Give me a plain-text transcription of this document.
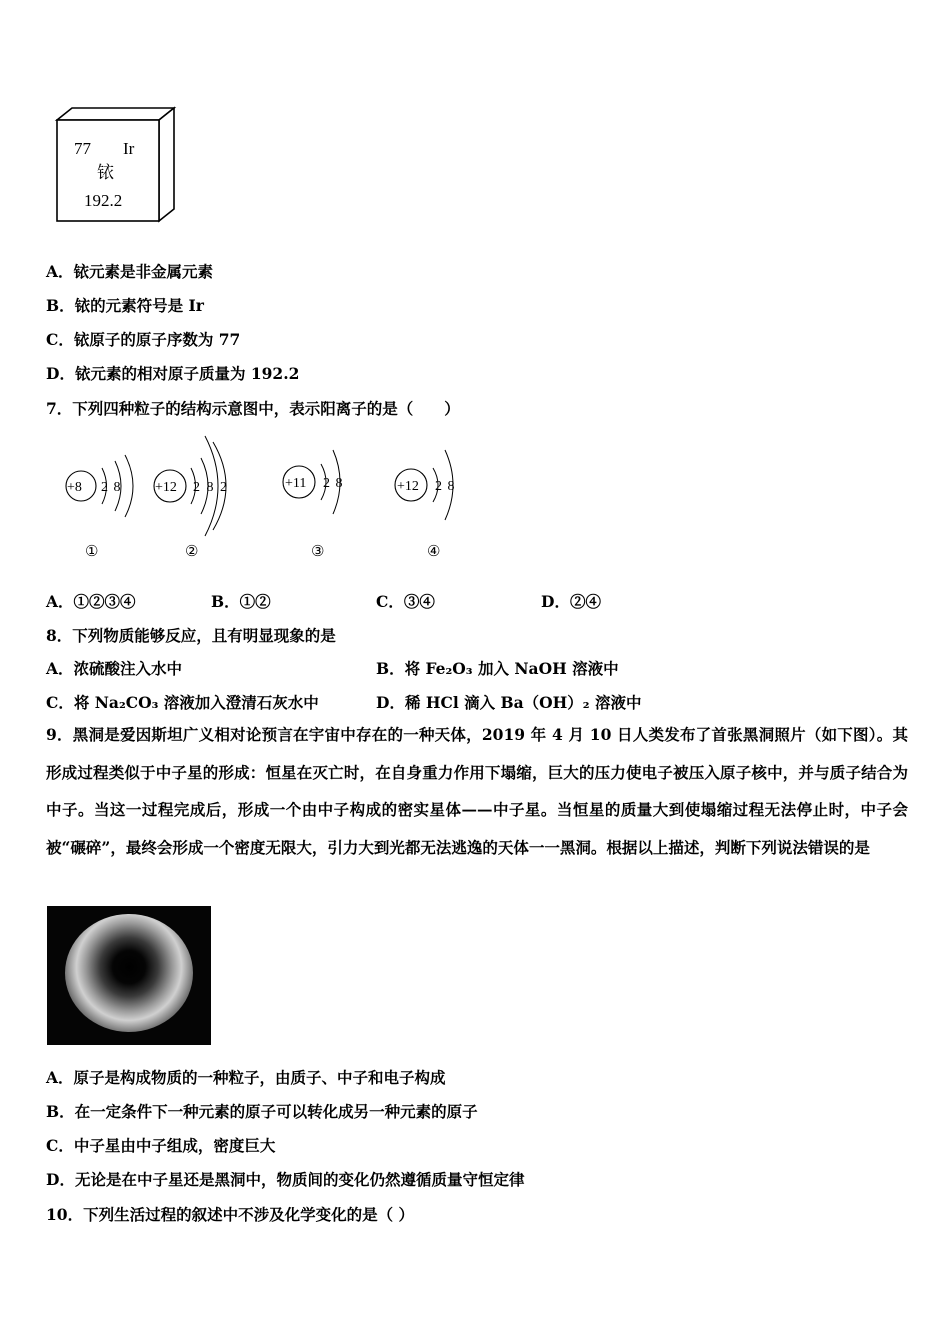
77 Ir
铱
192.2
A．铱元素是非金属元素
B．铱的元素符号是 Ir
C．铱原子的原子序数为 77
D．铱元素的相对原子质量为 192.2
7．下列四种粒子的结构示意图中，表示阳离子的是（　　）
+8 2 8
①
+12 2 8 2
②
+11 2 8
③
+12 2 8
④
A．①②③④	B．①②	C．③④	D．②④
8．下列物质能够反应，且有明显现象的是
A．浓硫酸注入水中	B．将 Fe₂O₃ 加入 NaOH 溶液中
C．将 Na₂CO₃ 溶液加入澄清石灰水中	D．稀 HCl 滴入 Ba（OH）₂ 溶液中
9．黑洞是爱因斯坦广义相对论预言在宇宙中存在的一种天体，2019 年 4 月 10 日人类发布了首张黑洞照片（如下图）。其形成过程类似于中子星的形成：恒星在灭亡时，在自身重力作用下塌缩，巨大的压力使电子被压入原子核中，并与质子结合为中子。当这一过程完成后，形成一个由中子构成的密实星体——中子星。当恒星的质量大到使塌缩过程无法停止时，中子会被“碾碎”，最终会形成一个密度无限大，引力大到光都无法逃逸的天体一一黑洞。根据以上描述，判断下列说法错误的是
A．原子是构成物质的一种粒子，由质子、中子和电子构成
B．在一定条件下一种元素的原子可以转化成另一种元素的原子
C．中子星由中子组成，密度巨大
D．无论是在中子星还是黑洞中，物质间的变化仍然遵循质量守恒定律
10．下列生活过程的叙述中不涉及化学变化的是（ ）
